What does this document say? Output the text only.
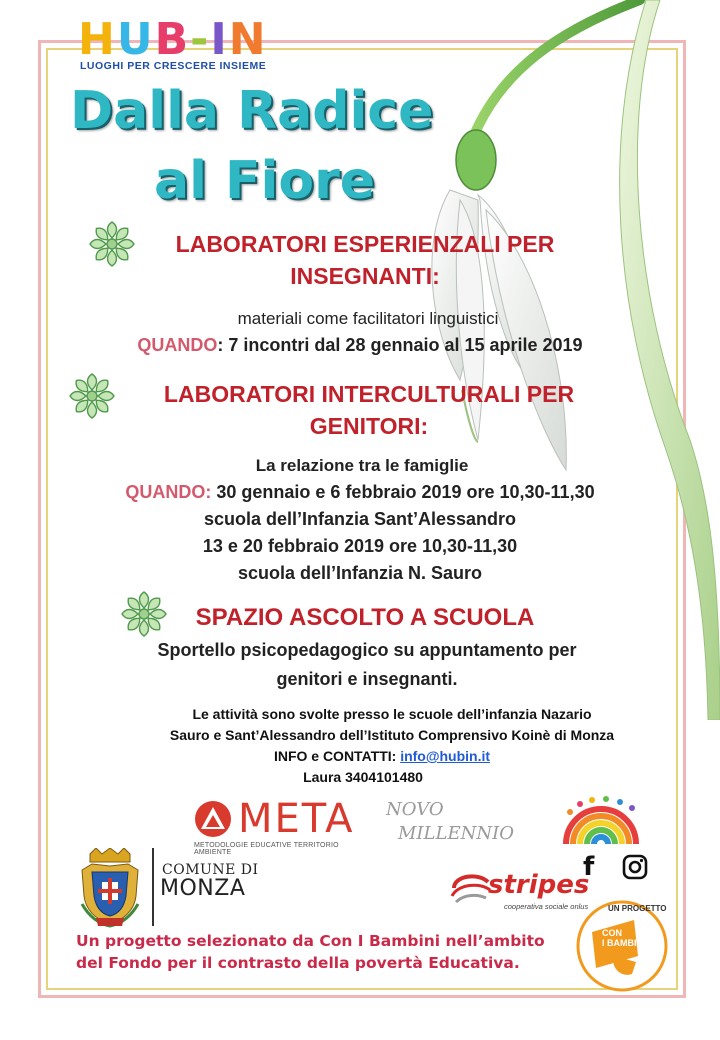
HUB-IN
LUOGHI PER CRESCERE INSIEME
Dalla Radice
al Fiore
LABORATORI ESPERIENZALI PER
INSEGNANTI:
materiali come facilitatori linguistici
QUANDO: 7 incontri dal 28 gennaio al 15 aprile 2019
LABORATORI INTERCULTURALI PER
GENITORI:
La relazione tra le famiglie
QUANDO: 30 gennaio e 6 febbraio 2019 ore 10,30-11,30
scuola dell’Infanzia Sant’Alessandro
13 e 20 febbraio 2019 ore 10,30-11,30
scuola dell’Infanzia N. Sauro
SPAZIO ASCOLTO A SCUOLA
Sportello psicopedagogico su appuntamento per
genitori e insegnanti.
Le attività sono svolte presso le scuole dell’infanzia Nazario
Sauro e Sant’Alessandro dell’Istituto Comprensivo Koinè di Monza
INFO e CONTATTI: info@hubin.it
Laura 3404101480
META
METODOLOGIE EDUCATIVE TERRITORIO AMBIENTE
NOVO
MILLENNIO
f
COMUNE DI
MONZA	stripes
cooperativa sociale onlus
Un progetto selezionato da Con I Bambini nell’ambito
del Fondo per il contrasto della povertà Educativa.
UN PROGETTO
CON
I BAMBINI
